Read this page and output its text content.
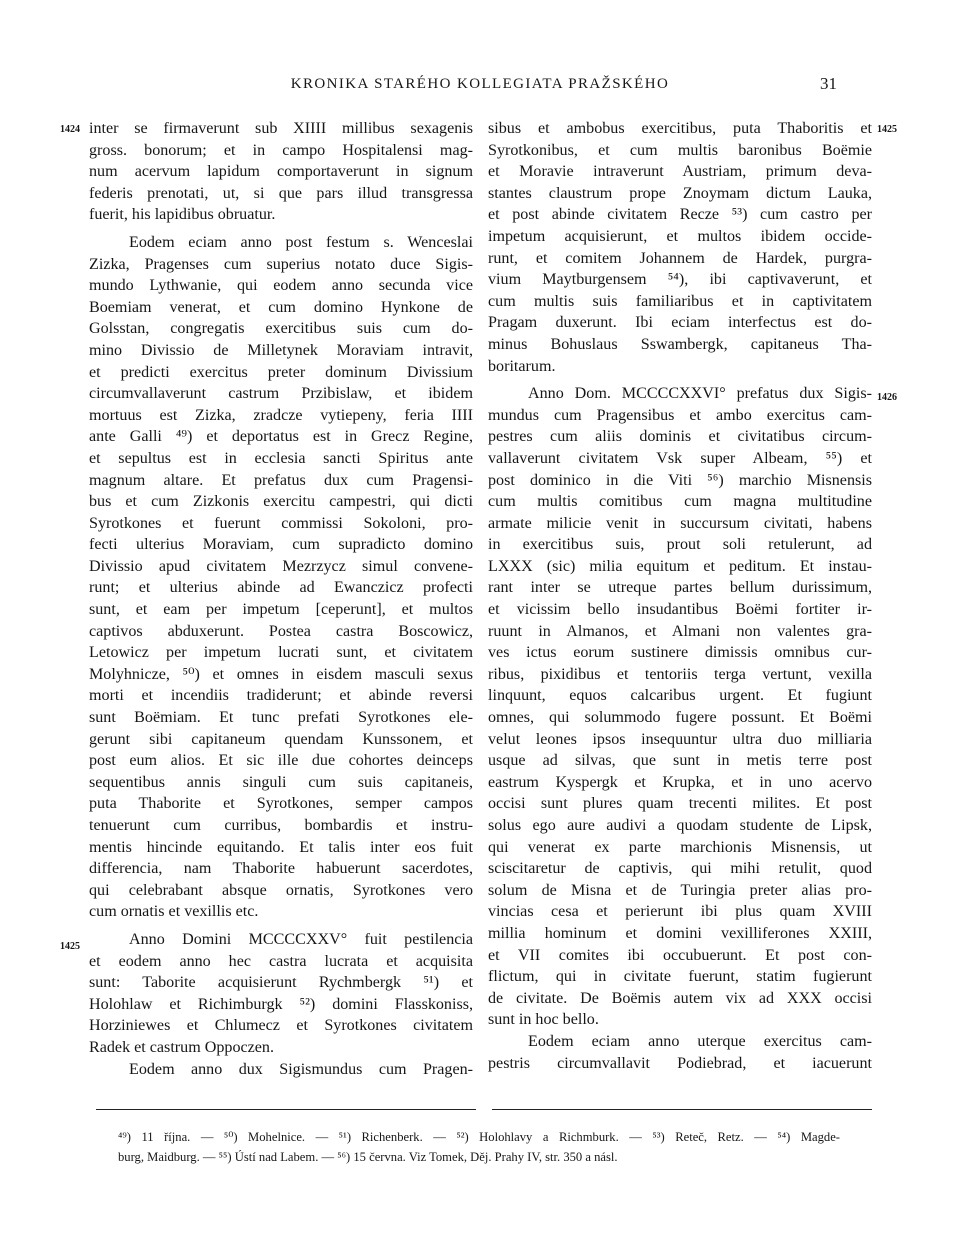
KRONIKA STARÉHO KOLLEGIATA PRAŽSKÉHO	31
1424
1425
1425
1426
inter se firmaverunt sub XIIII millibus sexagenis
gross. bonorum; et in campo Hospitalensi mag-
num acervum lapidum comportaverunt in signum
federis prenotati, ut, si que pars illud transgressa
fuerit, his lapidibus obruatur.
Eodem eciam anno post festum s. Wenceslai
Zizka, Pragenses cum superius notato duce Sigis-
mundo Lythwanie, qui eodem anno secunda vice
Boemiam venerat, et cum domino Hynkone de
Golsstan, congregatis exercitibus suis cum do-
mino Divissio de Milletynek Moraviam intravit,
et predicti exercitus preter dominum Divissium
circumvallaverunt castrum Przibislaw, et ibidem
mortuus est Zizka, zradcze vytiepeny, feria IIII
ante Galli ⁴⁹) et deportatus est in Grecz Regine,
et sepultus est in ecclesia sancti Spiritus ante
magnum altare. Et prefatus dux cum Pragensi-
bus et cum Zizkonis exercitu campestri, qui dicti
Syrotkones et fuerunt commissi Sokoloni, pro-
fecti ulterius Moraviam, cum supradicto domino
Divissio apud civitatem Mezrzycz simul convene-
runt; et ulterius abinde ad Ewanczicz profecti
sunt, et eam per impetum [ceperunt], et multos
captivos abduxerunt. Postea castra Boscowicz,
Letowicz per impetum lucrati sunt, et civitatem
Molyhnicze, ⁵⁰) et omnes in eisdem masculi sexus
morti et incendiis tradiderunt; et abinde reversi
sunt Boëmiam. Et tunc prefati Syrotkones ele-
gerunt sibi capitaneum quendam Kunssonem, et
post eum alios. Et sic ille due cohortes deinceps
sequentibus annis singuli cum suis capitaneis,
puta Thaborite et Syrotkones, semper campos
tenuerunt cum curribus, bombardis et instru-
mentis hincinde equitando. Et talis inter eos fuit
differencia, nam Thaborite habuerunt sacerdotes,
qui celebrabant absque ornatis, Syrotkones vero
cum ornatis et vexillis etc.
Anno Domini MCCCCXXV° fuit pestilencia
et eodem anno hec castra lucrata et acquisita
sunt: Taborite acquisierunt Rychmbergk ⁵¹) et
Holohlaw et Richimburgk ⁵²) domini Flasskoniss,
Horziniewes et Chlumecz et Syrotkones civitatem
Radek et castrum Oppoczen.
Eodem anno dux Sigismundus cum Pragen-
sibus et ambobus exercitibus, puta Thaboritis et
Syrotkonibus, et cum multis baronibus Boëmie
et Moravie intraverunt Austriam, primum deva-
stantes claustrum prope Znoymam dictum Lauka,
et post abinde civitatem Recze ⁵³) cum castro per
impetum acquisierunt, et multos ibidem occide-
runt, et comitem Johannem de Hardek, purgra-
vium Maytburgensem ⁵⁴), ibi captivaverunt, et
cum multis suis familiaribus et in captivitatem
Pragam duxerunt. Ibi eciam interfectus est do-
minus Bohuslaus Sswambergk, capitaneus Tha-
boritarum.
Anno Dom. MCCCCXXVI° prefatus dux Sigis-
mundus cum Pragensibus et ambo exercitus cam-
pestres cum aliis dominis et civitatibus circum-
vallaverunt civitatem Vsk super Albeam, ⁵⁵) et
post dominico in die Viti ⁵⁶) marchio Misnensis
cum multis comitibus cum magna multitudine
armate milicie venit in succursum civitati, habens
in exercitibus suis, prout soli retulerunt, ad
LXXX (sic) milia equitum et peditum. Et instau-
rant inter se utreque partes bellum durissimum,
et vicissim bello insudantibus Boëmi fortiter ir-
ruunt in Almanos, et Almani non valentes gra-
ves ictus eorum sustinere dimissis omnibus cur-
ribus, pixidibus et tentoriis terga vertunt, vexilla
linquunt, equos calcaribus urgent. Et fugiunt
omnes, qui solummodo fugere possunt. Et Boëmi
velut leones ipsos insequuntur ultra duo milliaria
usque ad silvas, que sunt in metis terre post
eastrum Kyspergk et Krupka, et in uno acervo
occisi sunt plures quam trecenti milites. Et post
solus ego aure audivi a quodam studente de Lipsk,
qui venerat ex parte marchionis Misnensis, ut
sciscitaretur de captivis, qui mihi retulit, quod
solum de Misna et de Turingia preter alias pro-
vincias cesa et perierunt ibi plus quam XVIII
millia hominum et domini vexilliferones XXIII,
et VII comites ibi occubuerunt. Et post con-
flictum, qui in civitate fuerunt, statim fugierunt
de civitate. De Boëmis autem vix ad XXX occisi
sunt in hoc bello.
Eodem eciam anno uterque exercitus cam-
pestris circumvallavit Podiebrad, et iacuerunt
⁴⁹) 11 října. — ⁵⁰) Mohelnice. — ⁵¹) Richenberk. — ⁵²) Holohlavy a Richmburk. — ⁵³) Reteč, Retz. — ⁵⁴) Magde-
burg, Maidburg. — ⁵⁵) Ústí nad Labem. — ⁵⁶) 15 června. Viz Tomek, Děj. Prahy IV, str. 350 a násl.
